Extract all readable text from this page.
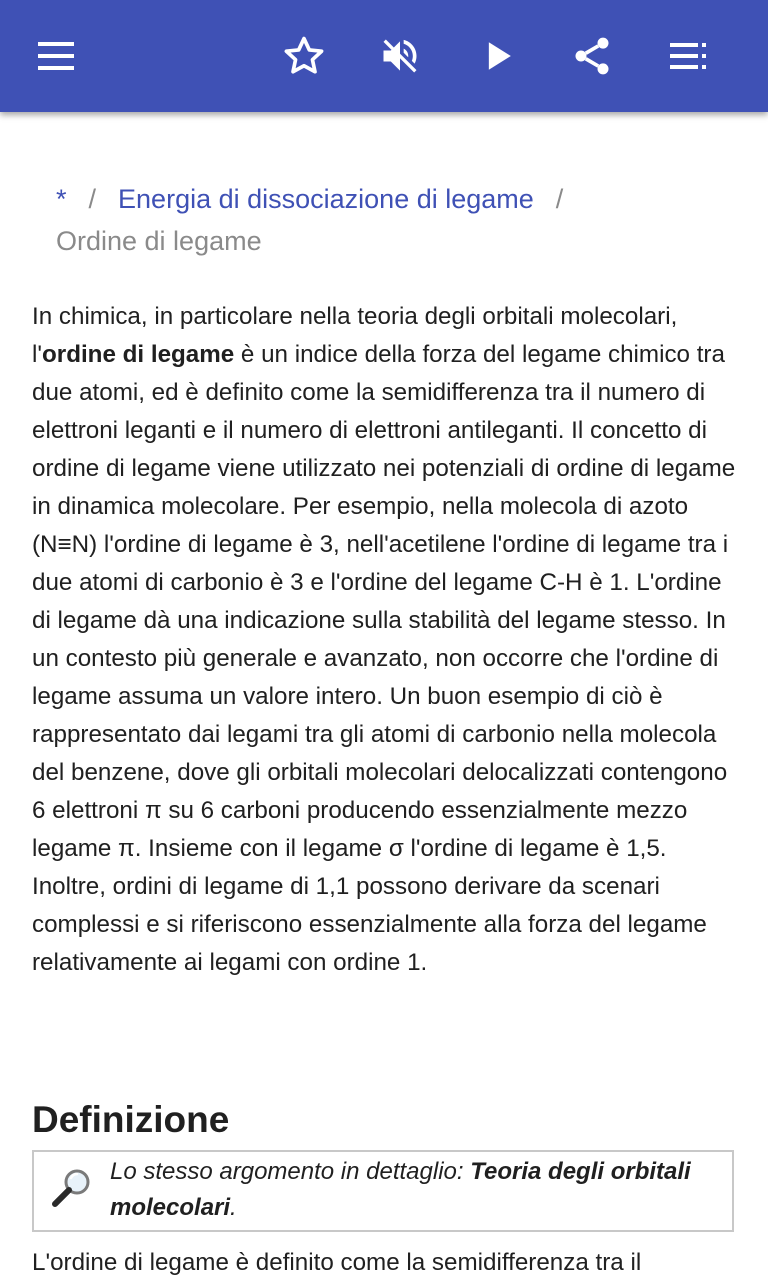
* / Energia di dissociazione di legame /
Ordine di legame

In chimica, in particolare nella teoria degli orbitali molecolari, l'ordine di legame è un indice della forza del legame chimico tra due atomi, ed è definito come la semidifferenza tra il numero di elettroni leganti e il numero di elettroni antileganti. Il concetto di ordine di legame viene utilizzato nei potenziali di ordine di legame in dinamica molecolare. Per esempio, nella molecola di azoto (N≡N) l'ordine di legame è 3, nell'acetilene l'ordine di legame tra i due atomi di carbonio è 3 e l'ordine del legame C-H è 1. L'ordine di legame dà una indicazione sulla stabilità del legame stesso. In un contesto più generale e avanzato, non occorre che l'ordine di legame assuma un valore intero. Un buon esempio di ciò è rappresentato dai legami tra gli atomi di carbonio nella molecola del benzene, dove gli orbitali molecolari delocalizzati contengono 6 elettroni π su 6 carboni producendo essenzialmente mezzo legame π. Insieme con il legame σ l'ordine di legame è 1,5. Inoltre, ordini di legame di 1,1 possono derivare da scenari complessi e si riferiscono essenzialmente alla forza del legame relativamente ai legami con ordine 1.

Definizione
Lo stesso argomento in dettaglio: Teoria degli orbitali molecolari.
L'ordine di legame è definito come la semidifferenza tra il
